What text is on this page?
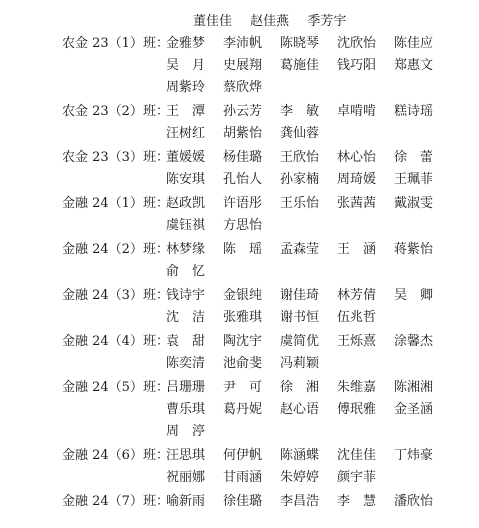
董佳佳 赵佳燕 季芳宇
农金 23（1）班：
金雅梦 李沛帆 陈晓琴 沈欣怡 陈佳应
吴　月 史展翔 葛施佳 钱巧阳 郑惠文
周紫玲 蔡欣烨
农金 23（2）班：
王　潭 孙云芳 李　敏 卓啃啃 糕诗瑶
汪树红 胡紫怡 龚仙蓉
农金 23（3）班：
董媛媛 杨佳璐 王欣怡 林心怡 徐　蕾
陈安琪 孔怡人 孙家楠 周琦媛 王珮菲
金融 24（1）班：
赵政凯 许语彤 王乐怡 张茜茜 戴淑雯
虞钰祺 方思怡
金融 24（2）班：
林梦缘 陈　瑶 孟森莹 王　涵 蒋紫怡
俞　忆
金融 24（3）班：
钱诗宇 金银纯 谢佳琦 林芳倩 吴　卿
沈　洁 张雅琪 谢书恒 伍兆哲
金融 24（4）班：
袁　甜 陶沈宇 虞简优 王烁熹 涂馨杰
陈奕清 池俞斐 冯莉颖
金融 24（5）班：
吕珊珊 尹　可 徐　湘 朱维嘉 陈湘湘
曹乐琪 葛丹妮 赵心语 傅珉雅 金圣涵
周　渟
金融 24（6）班：
汪思琪 何伊帆 陈涵蝶 沈佳佳 丁炜豪
祝丽娜 甘雨涵 朱婷婷 颜宇菲
金融 24（7）班：
喻新雨 徐佳璐 李昌浩 李　慧 潘欣怡
